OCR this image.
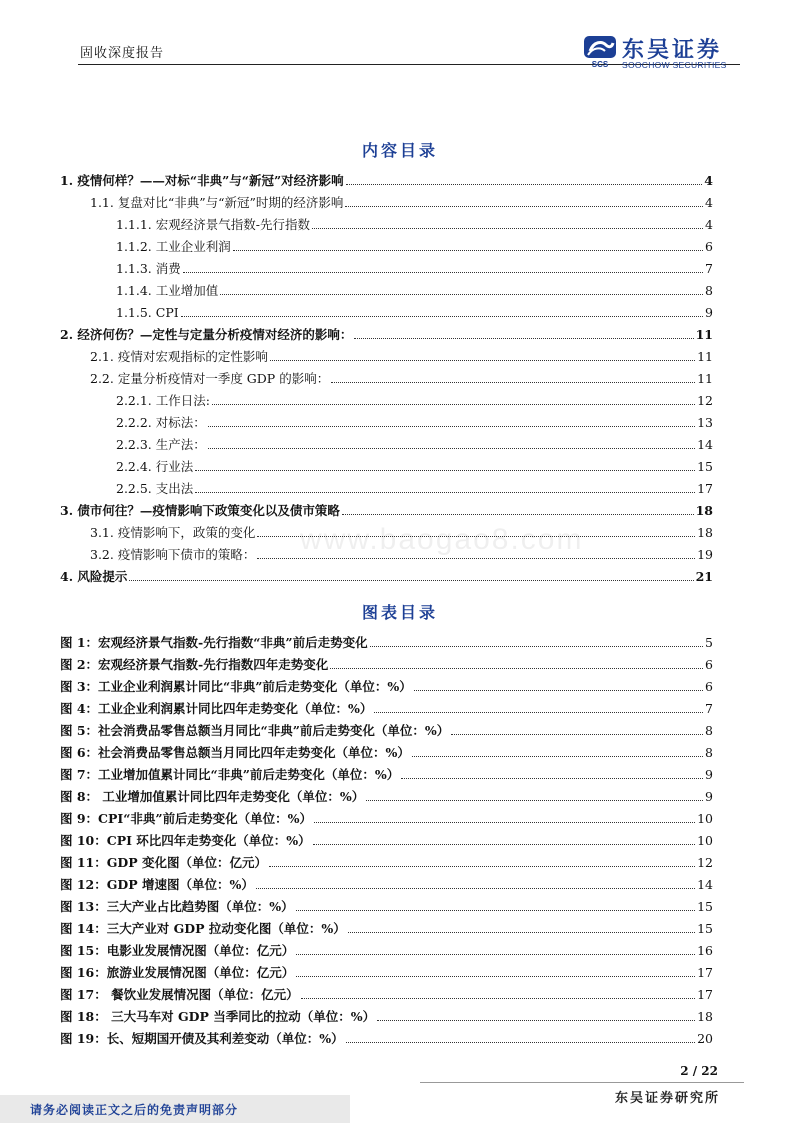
固收深度报告
SCS
东吴证券
SOOCHOW SECURITIES
内容目录
1. 疫情何样？——对标“非典”与“新冠”对经济影响	4
1.1. 复盘对比“非典”与“新冠”时期的经济影响	4
1.1.1. 宏观经济景气指数-先行指数	4
1.1.2. 工业企业利润	6
1.1.3. 消费	7
1.1.4. 工业增加值	8
1.1.5. CPI	9
2. 经济何伤？—定性与定量分析疫情对经济的影响：	11
2.1. 疫情对宏观指标的定性影响	11
2.2. 定量分析疫情对一季度 GDP 的影响：	11
2.2.1. 工作日法:	12
2.2.2. 对标法：	13
2.2.3. 生产法：	14
2.2.4. 行业法	15
2.2.5. 支出法	17
3. 债市何往？—疫情影响下政策变化以及债市策略	18
3.1. 疫情影响下，政策的变化	18
3.2. 疫情影响下债市的策略：	19
4. 风险提示	21
www.baogao8.com
图表目录
图 1：宏观经济景气指数-先行指数“非典”前后走势变化	5
图 2：宏观经济景气指数-先行指数四年走势变化	6
图 3：工业企业利润累计同比“非典”前后走势变化（单位：%）	6
图 4：工业企业利润累计同比四年走势变化（单位：%）	7
图 5：社会消费品零售总额当月同比“非典”前后走势变化（单位：%）	8
图 6：社会消费品零售总额当月同比四年走势变化（单位：%）	8
图 7：工业增加值累计同比“非典”前后走势变化（单位：%）	9
图 8： 工业增加值累计同比四年走势变化（单位：%）	9
图 9：CPI“非典”前后走势变化（单位：%）	10
图 10：CPI 环比四年走势变化（单位：%）	10
图 11：GDP 变化图（单位：亿元）	12
图 12：GDP 增速图（单位：%）	14
图 13：三大产业占比趋势图（单位：%）	15
图 14：三大产业对 GDP 拉动变化图（单位：%）	15
图 15：电影业发展情况图（单位：亿元）	16
图 16：旅游业发展情况图（单位：亿元）	17
图 17： 餐饮业发展情况图（单位：亿元）	17
图 18： 三大马车对 GDP 当季同比的拉动（单位：%）	18
图 19：长、短期国开债及其利差变动（单位：%）	20
2 / 22
请务必阅读正文之后的免责声明部分
东吴证券研究所
